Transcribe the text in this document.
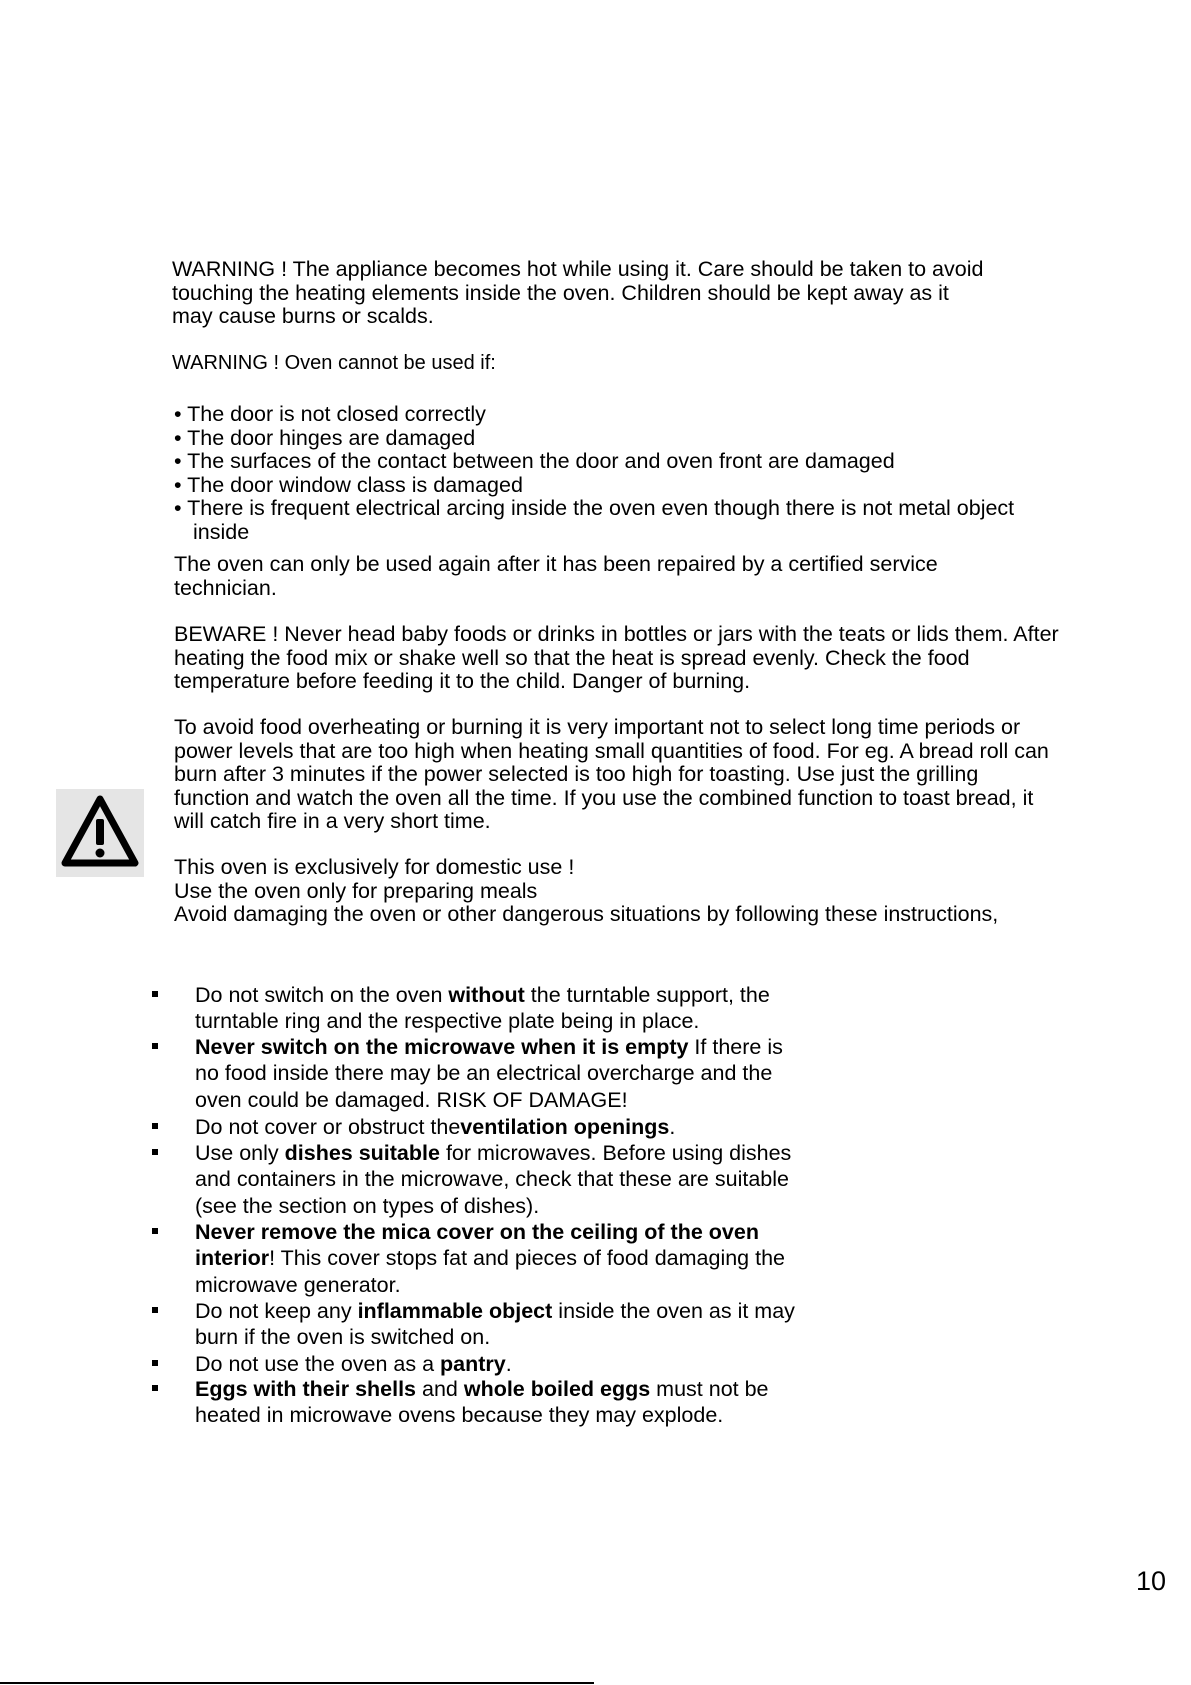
WARNING ! The appliance becomes hot while using it. Care should be taken to avoid

touching the heating elements inside the oven. Children should be kept away as it

may cause burns or scalds.

WARNING ! Oven cannot be used if:

• The door is not closed correctly
• The door hinges are damaged
• The surfaces of the contact between the door and oven front are damaged
• The door window class is damaged
• There is frequent electrical arcing inside the oven even though there is not metal object
inside

The oven can only be used again after it has been repaired by a certified service

technician.

BEWARE ! Never head baby foods or drinks in bottles or jars with the teats or lids them. After

heating the food mix or shake well so that the heat is spread evenly. Check the food

temperature before feeding it to the child. Danger of burning.

To avoid food overheating or burning it is very important not to select long time periods or

power levels that are too high when heating small quantities of food. For eg. A bread roll can

burn after 3 minutes if the power selected is too high for toasting. Use just the grilling

function and watch the oven all the time. If you use the combined function to toast bread, it

will catch fire in a very short time.

This oven is exclusively for domestic use !

Use the oven only for preparing meals

Avoid damaging the oven or other dangerous situations by following these instructions,

Do not switch on the oven without the turntable support, the
turntable ring and the respective plate being in place.
Never switch on the microwave when it is empty If there is
no food inside there may be an electrical overcharge and the
oven could be damaged. RISK OF DAMAGE!
Do not cover or obstruct theventilation openings.
Use only dishes suitable for microwaves. Before using dishes
and containers in the microwave, check that these are suitable
(see the section on types of dishes).
Never remove the mica cover on the ceiling of the oven
interior! This cover stops fat and pieces of food damaging the
microwave generator.
Do not keep any inflammable object inside the oven as it may
burn if the oven is switched on.
Do not use the oven as a pantry.
Eggs with their shells and whole boiled eggs must not be
heated in microwave ovens because they may explode.
10
